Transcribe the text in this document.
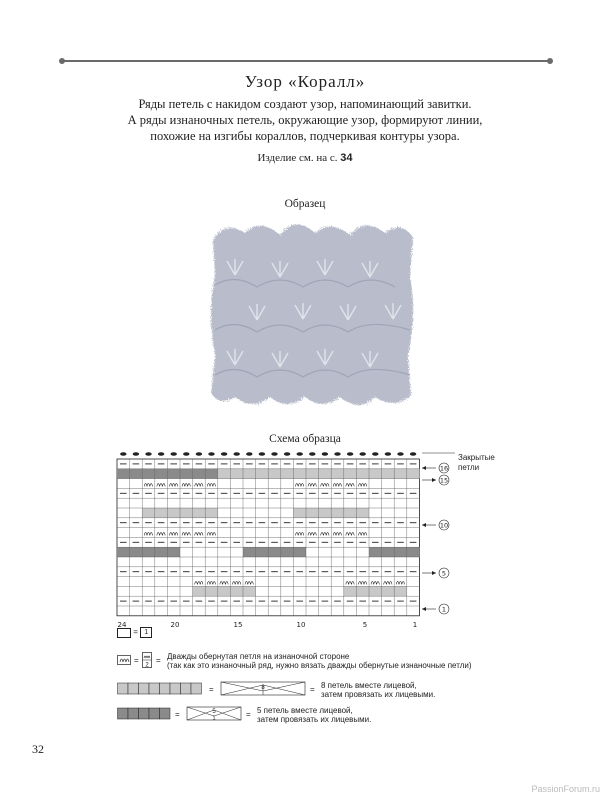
Узор «Коралл»
Ряды петель с накидом создают узор, напоминающий завитки.
А ряды изнаночных петель, окружающие узор, формируют линии,
похожие на изгибы кораллов, подчеркивая контуры узора.
Изделие см. на с. 34
Образец
Схема образца
24	20	15	10	5	1
16
15
10
5
1
Закрытые
петли
= 1
=
2
= Дважды обернутая петля на изнаночной стороне
(так как это изнаночный ряд, нужно вязать дважды обернутые изнаночные петли)
=	8	= 8 петель вместе лицевой,
затем провязать их лицевыми.
=	5
1	= 5 петель вместе лицевой,
затем провязать их лицевыми.
32
PassionForum.ru
